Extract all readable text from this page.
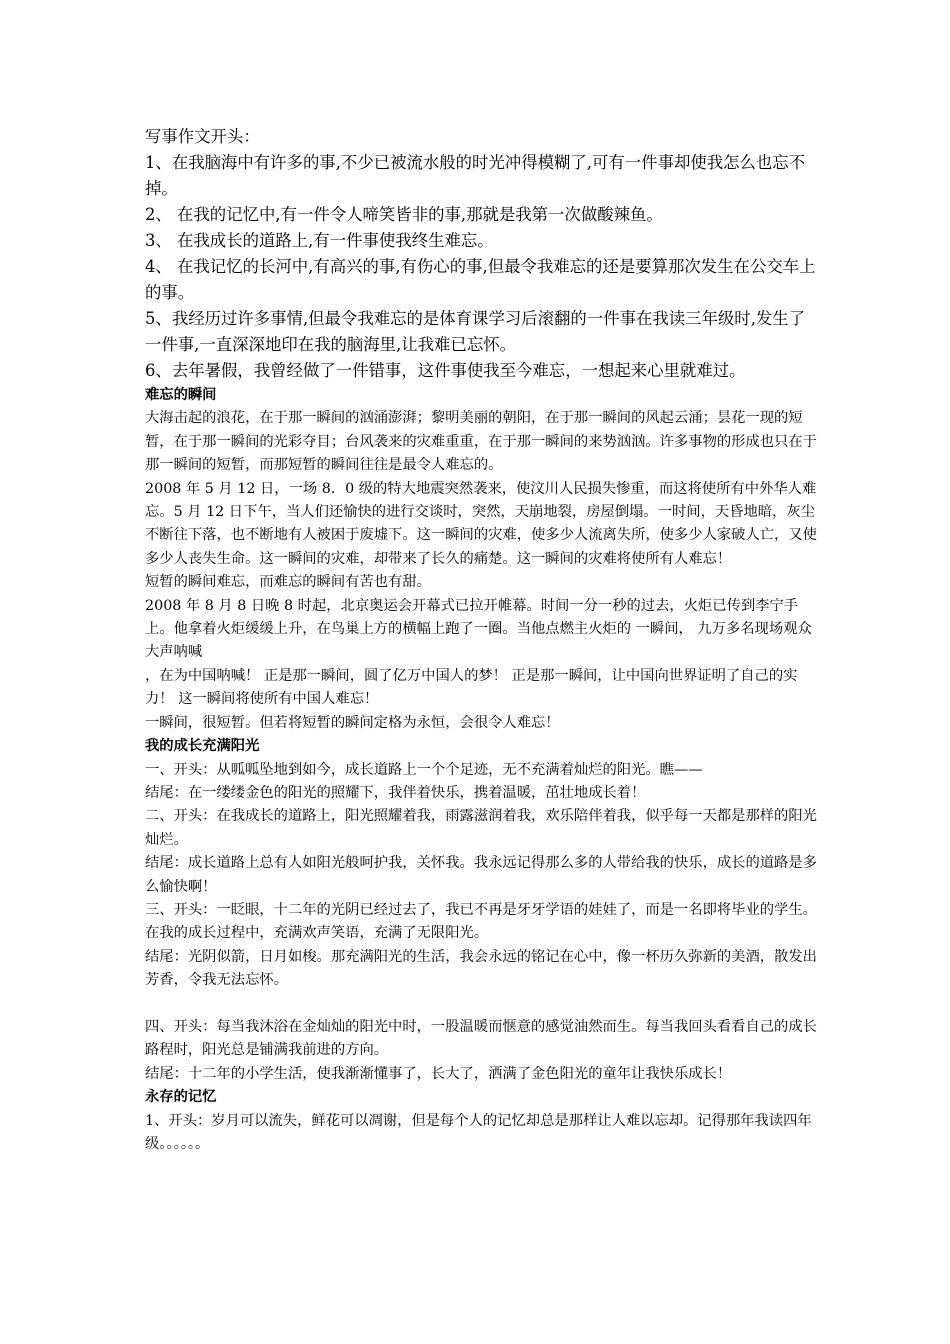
写事作文开头：

1、在我脑海中有许多的事,不少已被流水般的时光冲得模糊了,可有一件事却使我怎么也忘不掉。

2、 在我的记忆中,有一件令人啼笑皆非的事,那就是我第一次做酸辣鱼。

3、 在我成长的道路上,有一件事使我终生难忘。

4、 在我记忆的长河中,有高兴的事,有伤心的事,但最令我难忘的还是要算那次发生在公交车上的事。

5、我经历过许多事情,但最令我难忘的是体育课学习后滚翻的一件事在我读三年级时,发生了一件事,一直深深地印在我的脑海里,让我难已忘怀。

6、去年暑假，我曾经做了一件错事，这件事使我至今难忘，一想起来心里就难过。

难忘的瞬间

大海击起的浪花，在于那一瞬间的汹涌澎湃；黎明美丽的朝阳，在于那一瞬间的风起云涌；昙花一现的短暂，在于那一瞬间的光彩夺目；台风袭来的灾难重重，在于那一瞬间的来势汹汹。许多事物的形成也只在于那一瞬间的短暂，而那短暂的瞬间往往是最令人难忘的。

2008 年 5 月 12 日，一场 8．0 级的特大地震突然袭来，使汶川人民损失惨重，而这将使所有中外华人难忘。5 月 12 日下午，当人们还愉快的进行交谈时，突然，天崩地裂，房屋倒塌。一时间，天昏地暗，灰尘不断往下落，也不断地有人被困于废墟下。这一瞬间的灾难，使多少人流离失所，使多少人家破人亡，又使多少人丧失生命。这一瞬间的灾难，却带来了长久的痛楚。这一瞬间的灾难将使所有人难忘！

短暂的瞬间难忘，而难忘的瞬间有苦也有甜。

2008 年 8 月 8 日晚 8 时起，北京奥运会开幕式已拉开帷幕。时间一分一秒的过去，火炬已传到李宁手上。他拿着火炬缓缓上升，在鸟巢上方的横幅上跑了一圈。当他点燃主火炬的 一瞬间， 九万多名现场观众大声呐喊

，在为中国呐喊！ 正是那一瞬间，圆了亿万中国人的梦！ 正是那一瞬间，让中国向世界证明了自己的实力！ 这一瞬间将使所有中国人难忘！

一瞬间，很短暂。但若将短暂的瞬间定格为永恒，会很令人难忘！

我的成长充满阳光

一、开头：从呱呱坠地到如今，成长道路上一个个足迹，无不充满着灿烂的阳光。瞧——

结尾：在一缕缕金色的阳光的照耀下，我伴着快乐，携着温暖，茁壮地成长着！

二、开头：在我成长的道路上，阳光照耀着我，雨露滋润着我，欢乐陪伴着我，似乎每一天都是那样的阳光灿烂。

结尾：成长道路上总有人如阳光般呵护我，关怀我。我永远记得那么多的人带给我的快乐，成长的道路是多么愉快啊！

三、开头：一眨眼，十二年的光阴已经过去了，我已不再是牙牙学语的娃娃了，而是一名即将毕业的学生。在我的成长过程中，充满欢声笑语，充满了无限阳光。

结尾：光阴似箭，日月如梭。那充满阳光的生活，我会永远的铭记在心中，像一杯历久弥新的美酒，散发出芳香，令我无法忘怀。

四、开头：每当我沐浴在金灿灿的阳光中时，一股温暖而惬意的感觉油然而生。每当我回头看看自己的成长路程时，阳光总是铺满我前进的方向。

结尾：十二年的小学生活，使我渐渐懂事了，长大了，洒满了金色阳光的童年让我快乐成长！

永存的记忆

1、开头：岁月可以流失，鲜花可以凋谢，但是每个人的记忆却总是那样让人难以忘却。记得那年我读四年级。。。。。。
